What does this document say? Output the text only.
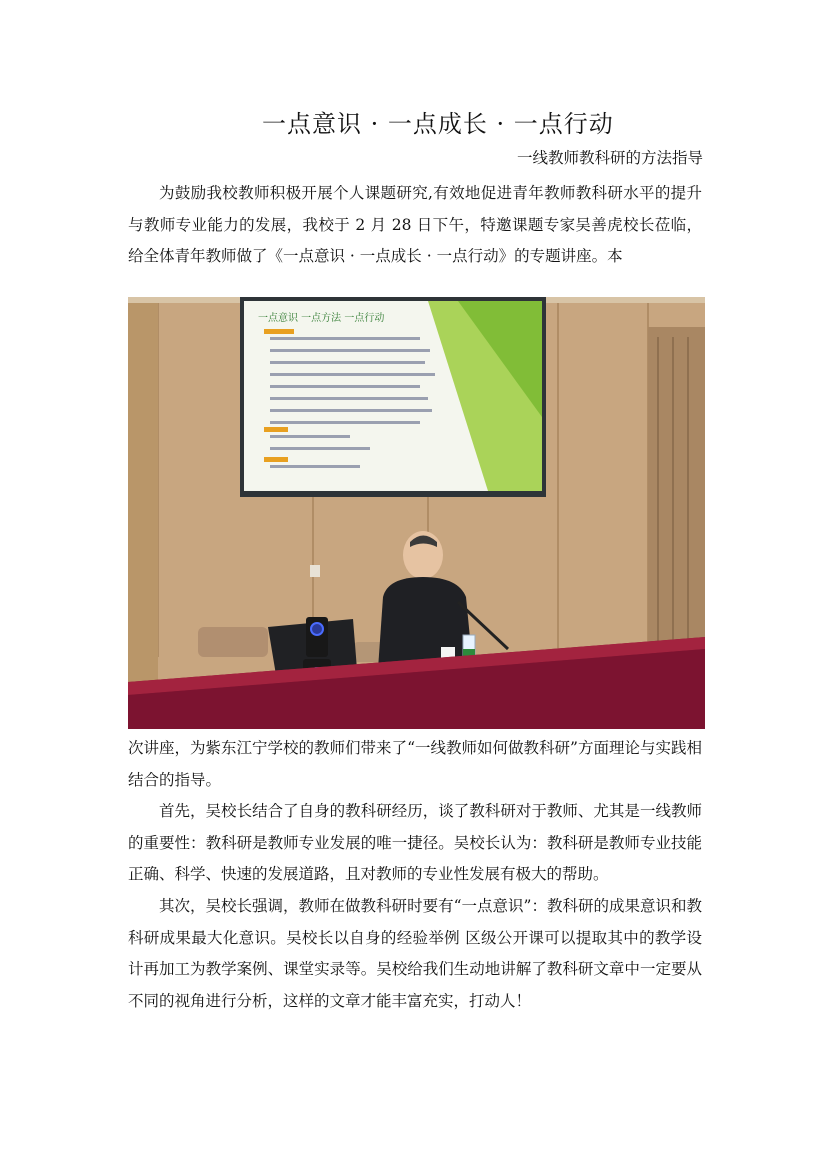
一点意识 · 一点成长 · 一点行动
一线教师教科研的方法指导
为鼓励我校教师积极开展个人课题研究,有效地促进青年教师教科研水平的提升与教师专业能力的发展，我校于 2 月 28 日下午，特邀课题专家吴善虎校长莅临，给全体青年教师做了《一点意识 · 一点成长 · 一点行动》的专题讲座。本
一点意识 一点方法 一点行动
次讲座，为紫东江宁学校的教师们带来了“一线教师如何做教科研”方面理论与实践相结合的指导。
首先，吴校长结合了自身的教科研经历，谈了教科研对于教师、尤其是一线教师的重要性：教科研是教师专业发展的唯一捷径。吴校长认为：教科研是教师专业技能正确、科学、快速的发展道路，且对教师的专业性发展有极大的帮助。
其次，吴校长强调，教师在做教科研时要有“一点意识”：教科研的成果意识和教科研成果最大化意识。吴校长以自身的经验举例 区级公开课可以提取其中的教学设计再加工为教学案例、课堂实录等。吴校给我们生动地讲解了教科研文章中一定要从不同的视角进行分析，这样的文章才能丰富充实，打动人！
